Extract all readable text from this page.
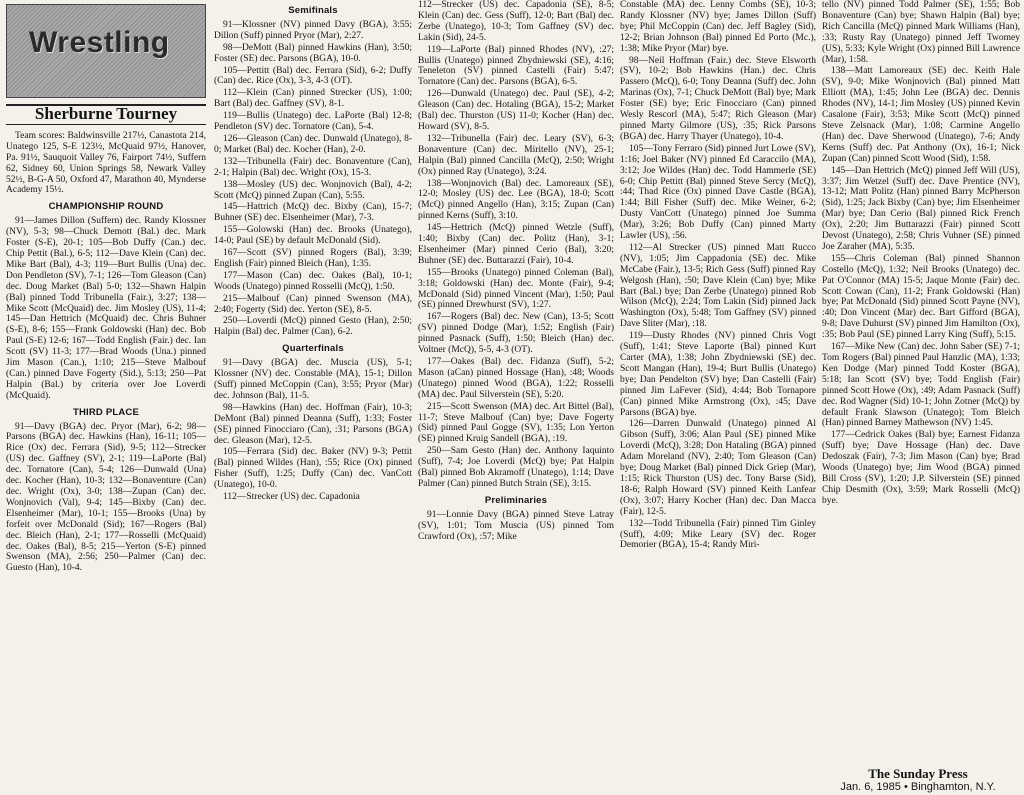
Wrestling
Sherburne Tourney

Team scores: Baldwinsville 217½, Canastota 214, Unatego 125, S-E 123½, McQuaid 97½, Hanover, Pa. 91½, Sauquoit Valley 76, Fairport 74½, Suffern 62, Sidney 60, Union Springs 58, Newark Valley 52½, B-G-A 50, Oxford 47, Marathon 40, Mynderse Academy 15½.

CHAMPIONSHIP ROUND

91—James Dillon (Suffern) dec. Randy Klossner (NV), 5-3; 98—Chuck Demott (Bal.) dec. Mark Foster (S-E), 20-1; 105—Bob Duffy (Can.) dec. Chip Pettit (Bal.), 6-5; 112—Dave Klein (Can) dec. Mike Bart (Bal), 4-3; 119—Burt Bullis (Una) dec. Don Pendleton (SV), 7-1; 126—Tom Gleason (Can) dec. Doug Market (Bal) 5-0; 132—Shawn Halpin (Bal) pinned Todd Tribunella (Fair.), 3:27; 138—Mike Scott (McQuaid) dec. Jim Mosley (US), 11-4; 145—Dan Hettrich (McQuaid) dec. Chris Buhner (S-E), 8-6; 155—Frank Goldowski (Han) dec. Bob Paul (S-E) 12-6; 167—Todd English (Fair.) dec. Ian Scott (SV) 11-3; 177—Brad Woods (Una.) pinned Jim Mason (Can.), 1:10; 215—Steve Malbouf (Can.) pinned Dave Fogerty (Sid.), 5:13; 250—Pat Halpin (Bal.) by criteria over Joe Loverdi (McQuaid).

THIRD PLACE

91—Davy (BGA) dec. Pryor (Mar), 6-2; 98—Parsons (BGA) dec. Hawkins (Han), 16-11; 105—Rice (Ox) dec. Ferrara (Sid), 9-5; 112—Strecker (US) dec. Gaffney (SV), 2-1; 119—LaPorte (Bal) dec. Tornatore (Can), 5-4; 126—Dunwald (Una) dec. Kocher (Han), 10-3; 132—Bonaventure (Can) dec. Wright (Ox), 3-0; 138—Zupan (Can) dec. Wonjnovich (Val), 9-4; 145—Bixby (Can) dec. Elsenheimer (Mar), 10-1; 155—Brooks (Una) by forfeit over McDonald (Sid); 167—Rogers (Bal) dec. Bleich (Han), 2-1; 177—Rosselli (McQuaid) dec. Oakes (Bal), 8-5; 215—Yerton (S-E) pinned Swenson (MA), 2:56; 250—Palmer (Can) dec. Guesto (Han), 10-4.

Semifinals

91—Klossner (NV) pinned Davy (BGA), 3:55; Dillon (Suff) pinned Pryor (Mar), 2:27.

98—DeMott (Bal) pinned Hawkins (Han), 3:50; Foster (SE) dec. Parsons (BGA), 10-0.

105—Pettitt (Bal) dec. Ferrara (Sid), 6-2; Duffy (Can) dec. Rice (Ox), 3-3, 4-3 (OT).

112—Klein (Can) pinned Strecker (US), 1:00; Bart (Bal) dec. Gaffney (SV), 8-1.

119—Bullis (Unatego) dec. LaPorte (Bal) 12-8; Pendleton (SV) dec. Tornatore (Can), 5-4.

126—Gleason (Can) dec. Dunwald (Unatego), 8-0; Market (Bal) dec. Kocher (Han), 2-0.

132—Tribunella (Fair) dec. Bonaventure (Can), 2-1; Halpin (Bal) dec. Wright (Ox), 15-3.

138—Mosley (US) dec. Wonjnovich (Bal), 4-2; Scott (McQ) pinned Zupan (Can), 5:55.

145—Hattrich (McQ) dec. Bixby (Can), 15-7; Buhner (SE) dec. Elsenheimer (Mar), 7-3.

155—Golowski (Han) dec. Brooks (Unatego), 14-0; Paul (SE) by default McDonald (Sid).

167—Scott (SV) pinned Rogers (Bal), 3:39; English (Fair) pinned Bleich (Han), 1:35.

177—Mason (Can) dec. Oakes (Bal), 10-1; Woods (Unatego) pinned Rosselli (McQ), 1:50.

215—Malbouf (Can) pinned Swenson (MA), 2:40; Fogerty (Sid) dec. Yerton (SE), 8-5.

250—Loverdi (McQ) pinned Gesto (Han), 2:50; Halpin (Bal) dec. Palmer (Can), 6-2.

Quarterfinals

91—Davy (BGA) dec. Muscia (US), 5-1; Klossner (NV) dec. Constable (MA), 15-1; Dillon (Suff) pinned McCoppin (Can), 3:55; Pryor (Mar) dec. Johnson (Bal), 11-5.

98—Hawkins (Han) dec. Hoffman (Fair), 10-3; DeMont (Bal) pinned Deanna (Suff), 1:33; Foster (SE) pinned Finocciaro (Can), :31; Parsons (BGA) dec. Gleason (Mar), 12-5.

105—Ferrara (Sid) dec. Baker (NV) 9-3; Pettit (Bal) pinned Wildes (Han), :55; Rice (Ox) pinned Fisher (Suff), 1:25; Duffy (Can) dec. VanCott (Unatego), 10-0.

112—Strecker (US) dec. Capadonia

112—Strecker (US) dec. Capadonia (SE), 8-5; Klein (Can) dec. Gess (Suff), 12-0; Bart (Bal) dec. Zerbe (Unatego), 10-3; Tom Gaffney (SV) dec. Lakin (Sid), 24-5.

119—LaPorte (Bal) pinned Rhodes (NV), :27; Bullis (Unatego) pinned Zbydniewski (SE), 4:16; Teneleton (SV) pinned Castelli (Fair) 5:47; Tornatore (Can) dec. Parsons (BGA), 6-5.

126—Dunwald (Unatego) dec. Paul (SE), 4-2; Gleason (Can) dec. Hotaling (BGA), 15-2; Market (Bal) dec. Thurston (US) 11-0; Kocher (Han) dec. Howard (SV), 8-5.

132—Tribunella (Fair) dec. Leary (SV), 6-3; Bonaventure (Can) dec. Miritello (NV), 25-1; Halpin (Bal) pinned Cancilla (McQ), 2:50; Wright (Ox) pinned Ray (Unatego), 3:24.

138—Wonjnovich (Bal) dec. Lamoreaux (SE), 12-0; Mosley (US) dec. Lee (BGA), 18-0; Scott (McQ) pinned Angello (Han), 3:15; Zupan (Can) pinned Kerns (Suff), 3:10.

145—Hettrich (McQ) pinned Wetzle (Suff), 1:40; Bixby (Can) dec. Politz (Han), 3-1; Elsenheimer (Mar) pinned Cerio (Bal), 3:20; Buhner (SE) dec. Buttarazzi (Fair), 10-4.

155—Brooks (Unatego) pinned Coleman (Bal), 3:18; Goldowski (Han) dec. Monte (Fair), 9-4; McDonald (Sid) pinned Vincent (Mar), 1:50; Paul (SE) pinned Drewhurst (SV), 1:27.

167—Rogers (Bal) dec. New (Can), 13-5; Scott (SV) pinned Dodge (Mar), 1:52; English (Fair) pinned Pasnack (Suff), 1:50; Bleich (Han) dec. Voltner (McQ), 5-5, 4-3 (OT).

177—Oakes (Bal) dec. Fidanza (Suff), 5-2; Mason (aCan) pinned Hossage (Han), :48; Woods (Unatego) pinned Wood (BGA), 1:22; Rosselli (MA) dec. Paul Silverstein (SE), 5:20.

215—Scott Swenson (MA) dec. Art Bittel (Bal), 11-7; Steve Malbouf (Can) bye; Dave Fogerty (Sid) pinned Paul Gogge (SV), 1:35; Lon Yerton (SE) pinned Kruig Sandell (BGA), :19.

250—Sam Gesto (Han) dec. Anthony Iaquinto (Suff), 7-4; Joe Loverdi (McQ) bye; Pat Halpin (Bal) pinned Bob Akramoff (Unatego), 1:14; Dave Palmer (Can) pinned Butch Strain (SE), 3:15.

Preliminaries

91—Lonnie Davy (BGA) pinned Steve Latray (SV), 1:01; Tom Muscia (US) pinned Tom Crawford (Ox), :57; Mike

Constable (MA) dec. Lenny Combs (SE), 10-3; Randy Klossner (NV) bye; James Dillon (Suff) bye; Phil McCoppin (Can) dec. Jeff Bagley (Sid), 12-2; Brian Johnson (Bal) pinned Ed Porto (Mc.), 1:38; Mike Pryor (Mar) bye.

98—Neil Hoffman (Fair.) dec. Steve Elsworth (SV), 10-2; Bob Hawkins (Han.) dec. Chris Passero (McQ), 6-0; Tony Deanna (Suff) dec. John Marinas (Ox), 7-1; Chuck DeMott (Bal) bye; Mark Foster (SE) bye; Eric Finocciaro (Can) pinned Wesly Rescorl (MA), 5:47; Rich Gleason (Mar) pinned Marty Gilmore (US), :35; Rick Parsons (BGA) dec. Harry Thayer (Unatego), 10-4.

105—Tony Ferraro (Sid) pinned Jurt Lowe (SV), 1:16; Joel Baker (NV) pinned Ed Caraccilo (MA), 3:12; Joe Wildes (Han) dec. Todd Hammerle (SE) 6-0; Chip Pettitt (Bal) pinned Steve Sercy (McQ), :44; Thad Rice (Ox) pinned Dave Castle (BGA), 1:44; Bill Fisher (Suff) dec. Mike Weiner, 6-2; Dusty VanCott (Unatego) pinned Joe Summa (Mar), 3:26; Bob Duffy (Can) pinned Marty Lawler (US), :56.

112—Al Strecker (US) pinned Matt Rucco (NV), 1:05; Jim Cappadonia (SE) dec. Mike McCabe (Fair.), 13-5; Rich Gess (Suff) pinned Ray Welgosh (Han), :50; Dave Klein (Can) bye; Mike Bart (Bal.) bye; Dan Zerbe (Unatego) pinned Rob Wilson (McQ), 2:24; Tom Lakin (Sid) pinned Jack Washington (Ox), 5:48; Tom Gaffney (SV) pinned Dave Sliter (Mar), :18.

119—Dusty Rhodes (NV) pinned Chris Vogt (Suff), 1:41; Steve Laporte (Bal) pinned Kurt Carter (MA), 1:38; John Zbydniewski (SE) dec. Scott Mangan (Han), 19-4; Burt Bullis (Unatego) bye; Dan Pendelton (SV) bye; Dan Castelli (Fair) pinned Jim LaFever (Sid), 4:44; Bob Tornapore (Can) pinned Mike Armstrong (Ox), :45; Dave Parsons (BGA) bye.

126—Darren Dunwald (Unatego) pinned Al Gibson (Suff), 3:06; Alan Paul (SE) pinned Mike Loverdi (McQ), 3:28; Don Hataling (BGA) pinned Adam Moreland (NV), 2:40; Tom Gleason (Can) bye; Doug Market (Bal) pinned Dick Griep (Mar), 1:15; Rick Thurston (US) dec. Tony Barse (Sid), 18-6; Ralph Howard (SV) pinned Keith Lanfear (Ox), 3:07; Harry Kocher (Han) dec. Dan Macca (Fair), 12-5.

132—Todd Tribunella (Fair) pinned Tim Ginley (Suff), 4:09; Mike Leary (SV) dec. Roger Demorier (BGA), 15-4; Randy Miri-

tello (NV) pinned Todd Palmer (SE), 1:55; Bob Bonaventure (Can) bye; Shawn Halpin (Bal) bye; Rich Cancilla (McQ) pinned Mark Williams (Han), :33; Rusty Ray (Unatego) pinned Jeff Twomey (US), 5:33; Kyle Wright (Ox) pinned Bill Lawrence (Mar), 1:58.

138—Matt Lamoreaux (SE) dec. Keith Hale (SV), 9-0; Mike Wonjnovich (Bal) pinned Matt Elliott (MA), 1:45; John Lee (BGA) dec. Dennis Rhodes (NV), 14-1; Jim Mosley (US) pinned Kevin Casalone (Fair), 3:53; Mike Scott (McQ) pinned Steve Zelsnack (Mar), 1:08; Carmine Angello (Han) dec. Dave Sherwood (Unatego), 7-6; Andy Kerns (Suff) dec. Pat Anthony (Ox), 16-1; Nick Zupan (Can) pinned Scott Wood (Sid), 1:58.

145—Dan Hettrich (McQ) pinned Jeff Will (US), 3:37; Jim Wetzel (Suff) dec. Dave Prentice (NV), 13-12; Matt Politz (Han) pinned Barry McPherson (Sid), 1:25; Jack Bixby (Can) bye; Jim Elsenheimer (Mar) bye; Dan Cerio (Bal) pinned Rick French (Ox), 2:20; Jim Buttarazzi (Fair) pinned Scott Devost (Unatego), 2:58; Chris Vuhner (SE) pinned Joe Zaraher (MA), 5:35.

155—Chris Coleman (Bal) pinned Shannon Costello (McQ), 1:32; Neil Brooks (Unatego) dec. Pat O'Connor (MA) 15-5; Jaque Monte (Fair) dec. Scott Cowan (Can), 11-2; Frank Goldowski (Han) bye; Pat McDonald (Sid) pinned Scott Payne (NV), :40; Don Vincent (Mar) dec. Bart Gifford (BGA), 9-8; Dave Duhurst (SV) pinned Jim Hamilton (Ox), :35; Bob Paul (SE) pinned Larry King (Suff), 5:15.

167—Mike New (Can) dec. John Saber (SE) 7-1; Tom Rogers (Bal) pinned Paul Hanzlic (MA), 1:33; Ken Dodge (Mar) pinned Todd Koster (BGA), 5:18; Ian Scott (SV) bye; Todd English (Fair) pinned Scott Howe (Ox), :49; Adam Pasnack (Suff) dec. Rod Wagner (Sid) 10-1; John Zotner (McQ) by default Frank Slawson (Unatego); Tom Bleich (Han) pinned Barney Mathewson (NV) 1:45.

177—Cedrick Oakes (Bal) bye; Earnest Fidanza (Suff) bye; Dave Hossage (Han) dec. Dave Dedoszak (Fair), 7-3; Jim Mason (Can) bye; Brad Woods (Unatego) bye; Jim Wood (BGA) pinned Bill Cross (SV), 1:20; J.P. Silverstein (SE) pinned Chip Desmith (Ox), 3:59; Mark Rosselli (McQ) bye.

The Sunday Press
Jan. 6, 1985 • Binghamton, N.Y.
